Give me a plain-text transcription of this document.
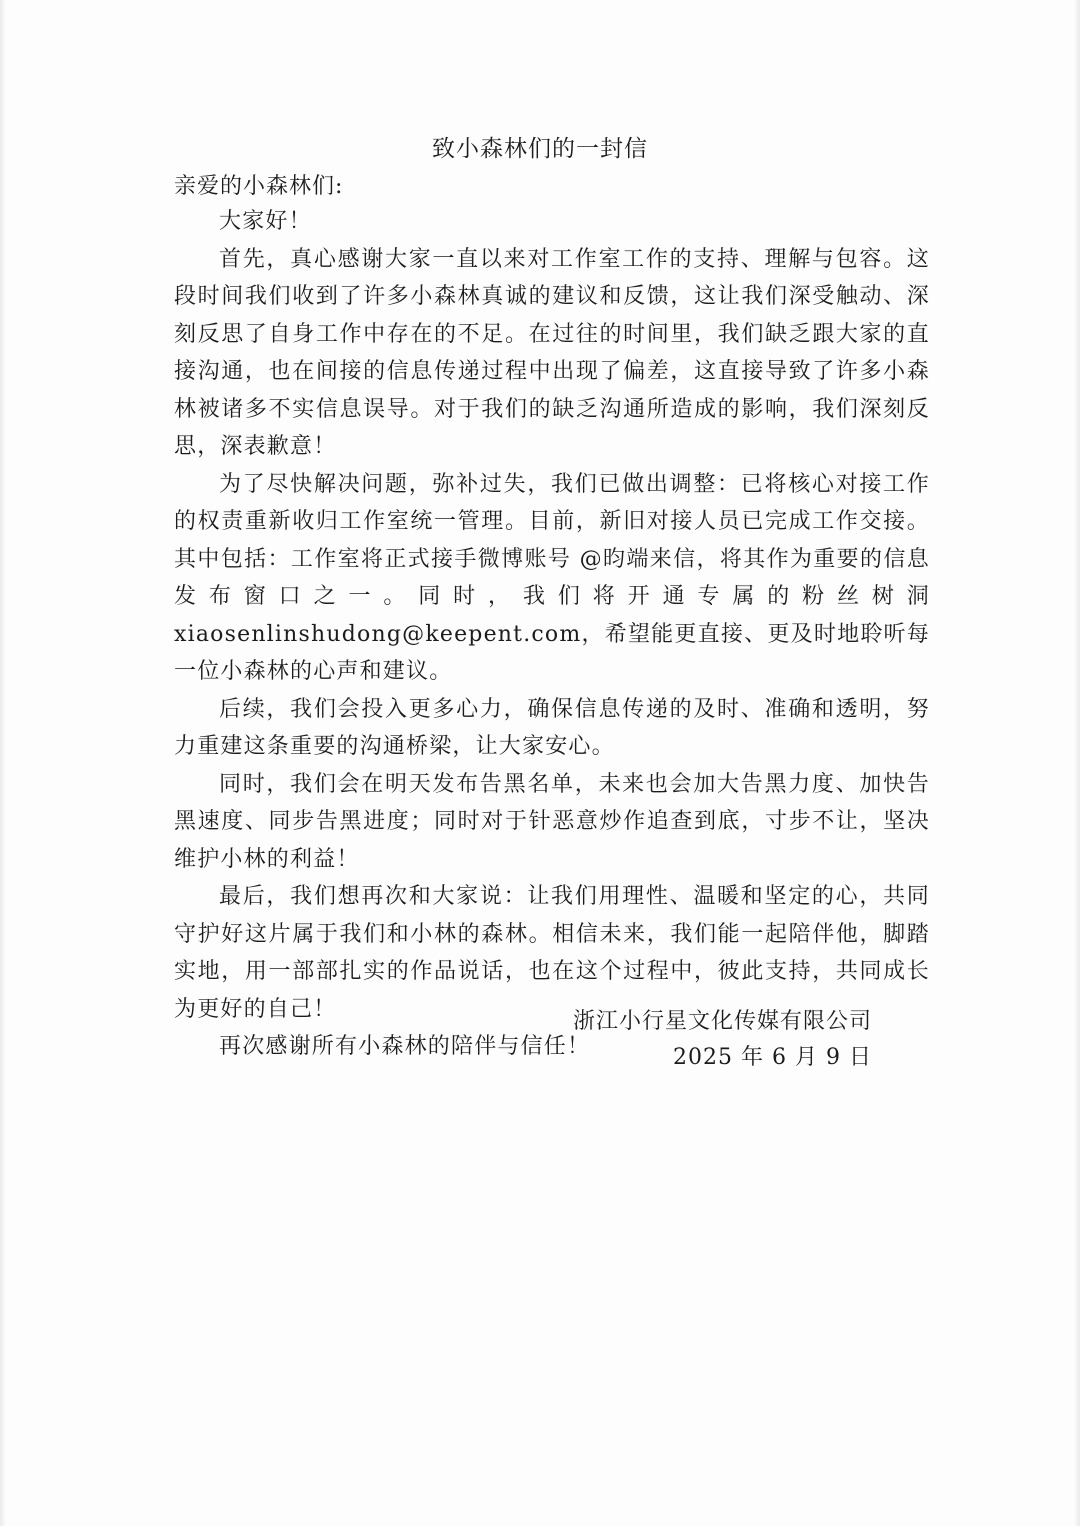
致小森林们的一封信
亲爱的小森林们:

大家好！

首先，真心感谢大家一直以来对工作室工作的支持、理解与包容。这段时间我们收到了许多小森林真诚的建议和反馈，这让我们深受触动、深刻反思了自身工作中存在的不足。在过往的时间里，我们缺乏跟大家的直接沟通，也在间接的信息传递过程中出现了偏差，这直接导致了许多小森林被诸多不实信息误导。对于我们的缺乏沟通所造成的影响，我们深刻反思，深表歉意！

为了尽快解决问题，弥补过失，我们已做出调整：已将核心对接工作的权责重新收归工作室统一管理。目前，新旧对接人员已完成工作交接。其中包括：工作室将正式接手微博账号 @昀端来信，将其作为重要的信息发布窗口之一。同时，我们将开通专属的粉丝树洞 xiaosenlinshudong@keepent.com，希望能更直接、更及时地聆听每一位小森林的心声和建议。

后续，我们会投入更多心力，确保信息传递的及时、准确和透明，努力重建这条重要的沟通桥梁，让大家安心。

同时，我们会在明天发布告黑名单，未来也会加大告黑力度、加快告黑速度、同步告黑进度；同时对于针恶意炒作追查到底，寸步不让，坚决维护小林的利益！

最后，我们想再次和大家说：让我们用理性、温暖和坚定的心，共同守护好这片属于我们和小林的森林。相信未来，我们能一起陪伴他，脚踏实地，用一部部扎实的作品说话，也在这个过程中，彼此支持，共同成长为更好的自己！

再次感谢所有小森林的陪伴与信任！

浙江小行星文化传媒有限公司
2025 年 6 月 9 日
